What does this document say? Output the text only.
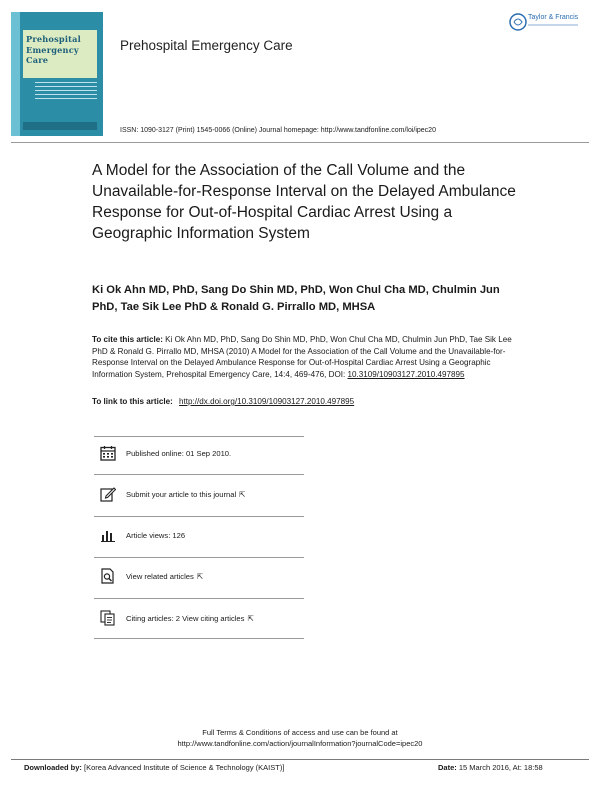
Prehospital
Emergency Care
Prehospital Emergency Care
Taylor & Francis
ISSN: 1090-3127 (Print) 1545-0066 (Online) Journal homepage: http://www.tandfonline.com/loi/ipec20
A Model for the Association of the Call Volume and the Unavailable-for-Response Interval on the Delayed Ambulance Response for Out-of-Hospital Cardiac Arrest Using a Geographic Information System
Ki Ok Ahn MD, PhD, Sang Do Shin MD, PhD, Won Chul Cha MD, Chulmin Jun PhD, Tae Sik Lee PhD & Ronald G. Pirrallo MD, MHSA
To cite this article: Ki Ok Ahn MD, PhD, Sang Do Shin MD, PhD, Won Chul Cha MD, Chulmin Jun PhD, Tae Sik Lee PhD & Ronald G. Pirrallo MD, MHSA (2010) A Model for the Association of the Call Volume and the Unavailable-for-Response Interval on the Delayed Ambulance Response for Out-of-Hospital Cardiac Arrest Using a Geographic Information System, Prehospital Emergency Care, 14:4, 469-476, DOI: 10.3109/10903127.2010.497895
To link to this article: http://dx.doi.org/10.3109/10903127.2010.497895
Published online: 01 Sep 2010.
Submit your article to this journal ⇱
Article views: 126
View related articles ⇱
Citing articles: 2 View citing articles ⇱
Full Terms & Conditions of access and use can be found at
http://www.tandfonline.com/action/journalInformation?journalCode=ipec20
Downloaded by: [Korea Advanced Institute of Science & Technology (KAIST)]	Date: 15 March 2016, At: 18:58
